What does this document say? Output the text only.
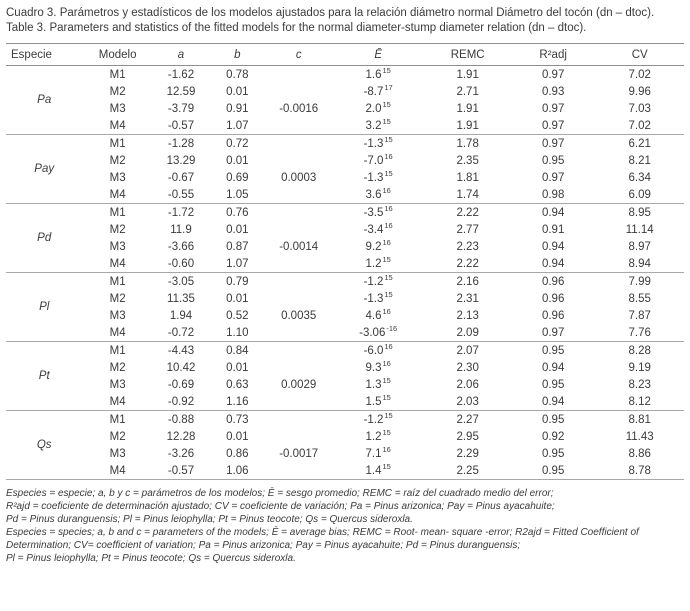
Cuadro 3. Parámetros y estadísticos de los modelos ajustados para la relación diámetro normal Diámetro del tocón (dn – dtoc).
Table 3. Parameters and statistics of the fitted models for the normal diameter-stump diameter relation (dn – dtoc).
Especie	Modelo	a	b	c	Ē	REMC	R²adj	CV
Pa	M1	-1.62	0.78		$1.6^{15}$	1.91	0.97	7.02
	M2	12.59	0.01		$-8.7^{17}$	2.71	0.93	9.96
	M3	-3.79	0.91	-0.0016	$2.0^{15}$	1.91	0.97	7.03
	M4	-0.57	1.07		$3.2^{15}$	1.91	0.97	7.02
Pay	M1	-1.28	0.72		$-1.3^{15}$	1.78	0.97	6.21
	M2	13.29	0.01		$-7.0^{16}$	2.35	0.95	8.21
	M3	-0.67	0.69	0.0003	$-1.3^{15}$	1.81	0.97	6.34
	M4	-0.55	1.05		$3.6^{16}$	1.74	0.98	6.09
Pd	M1	-1.72	0.76		$-3.5^{16}$	2.22	0.94	8.95
	M2	11.9	0.01		$-3.4^{16}$	2.77	0.91	11.14
	M3	-3.66	0.87	-0.0014	$9.2^{16}$	2.23	0.94	8.97
	M4	-0.60	1.07		$1.2^{15}$	2.22	0.94	8.94
Pl	M1	-3.05	0.79		$-1.2^{15}$	2.16	0.96	7.99
	M2	11.35	0.01		$-1.3^{15}$	2.31	0.96	8.55
	M3	1.94	0.52	0.0035	$4.6^{16}$	2.13	0.96	7.87
	M4	-0.72	1.10		$-3.06^{-16}$	2.09	0.97	7.76
Pt	M1	-4.43	0.84		$-6.0^{16}$	2.07	0.95	8.28
	M2	10.42	0.01		$9.3^{16}$	2.30	0.94	9.19
	M3	-0.69	0.63	0.0029	$1.3^{15}$	2.06	0.95	8.23
	M4	-0.92	1.16		$1.5^{15}$	2.03	0.94	8.12
Qs	M1	-0.88	0.73		$-1.2^{15}$	2.27	0.95	8.81
	M2	12.28	0.01		$1.2^{15}$	2.95	0.92	11.43
	M3	-3.26	0.86	-0.0017	$7.1^{16}$	2.29	0.95	8.86
	M4	-0.57	1.06		$1.4^{15}$	2.25	0.95	8.78
Especies = especie; a, b y c = parámetros de los modelos; Ē = sesgo promedio; REMC = raíz del cuadrado medio del error;
R²ajd = coeficiente de determinación ajustado; CV = coeficiente de variación; Pa = Pinus arizonica; Pay = Pinus ayacahuite;
Pd = Pinus duranguensis; Pl = Pinus leiophylla; Pt = Pinus teocote; Qs = Quercus sideroxla.
Especies = species; a, b and c = parameters of the models; Ē = average bias; REMC = Root- mean- square -error; R2ajd = Fitted Coefficient of
Determination; CV= coefficient of variation; Pa = Pinus arizonica; Pay = Pinus ayacahuite; Pd = Pinus duranguensis;
Pl = Pinus leiophylla; Pt = Pinus teocote; Qs = Quercus sideroxla.
